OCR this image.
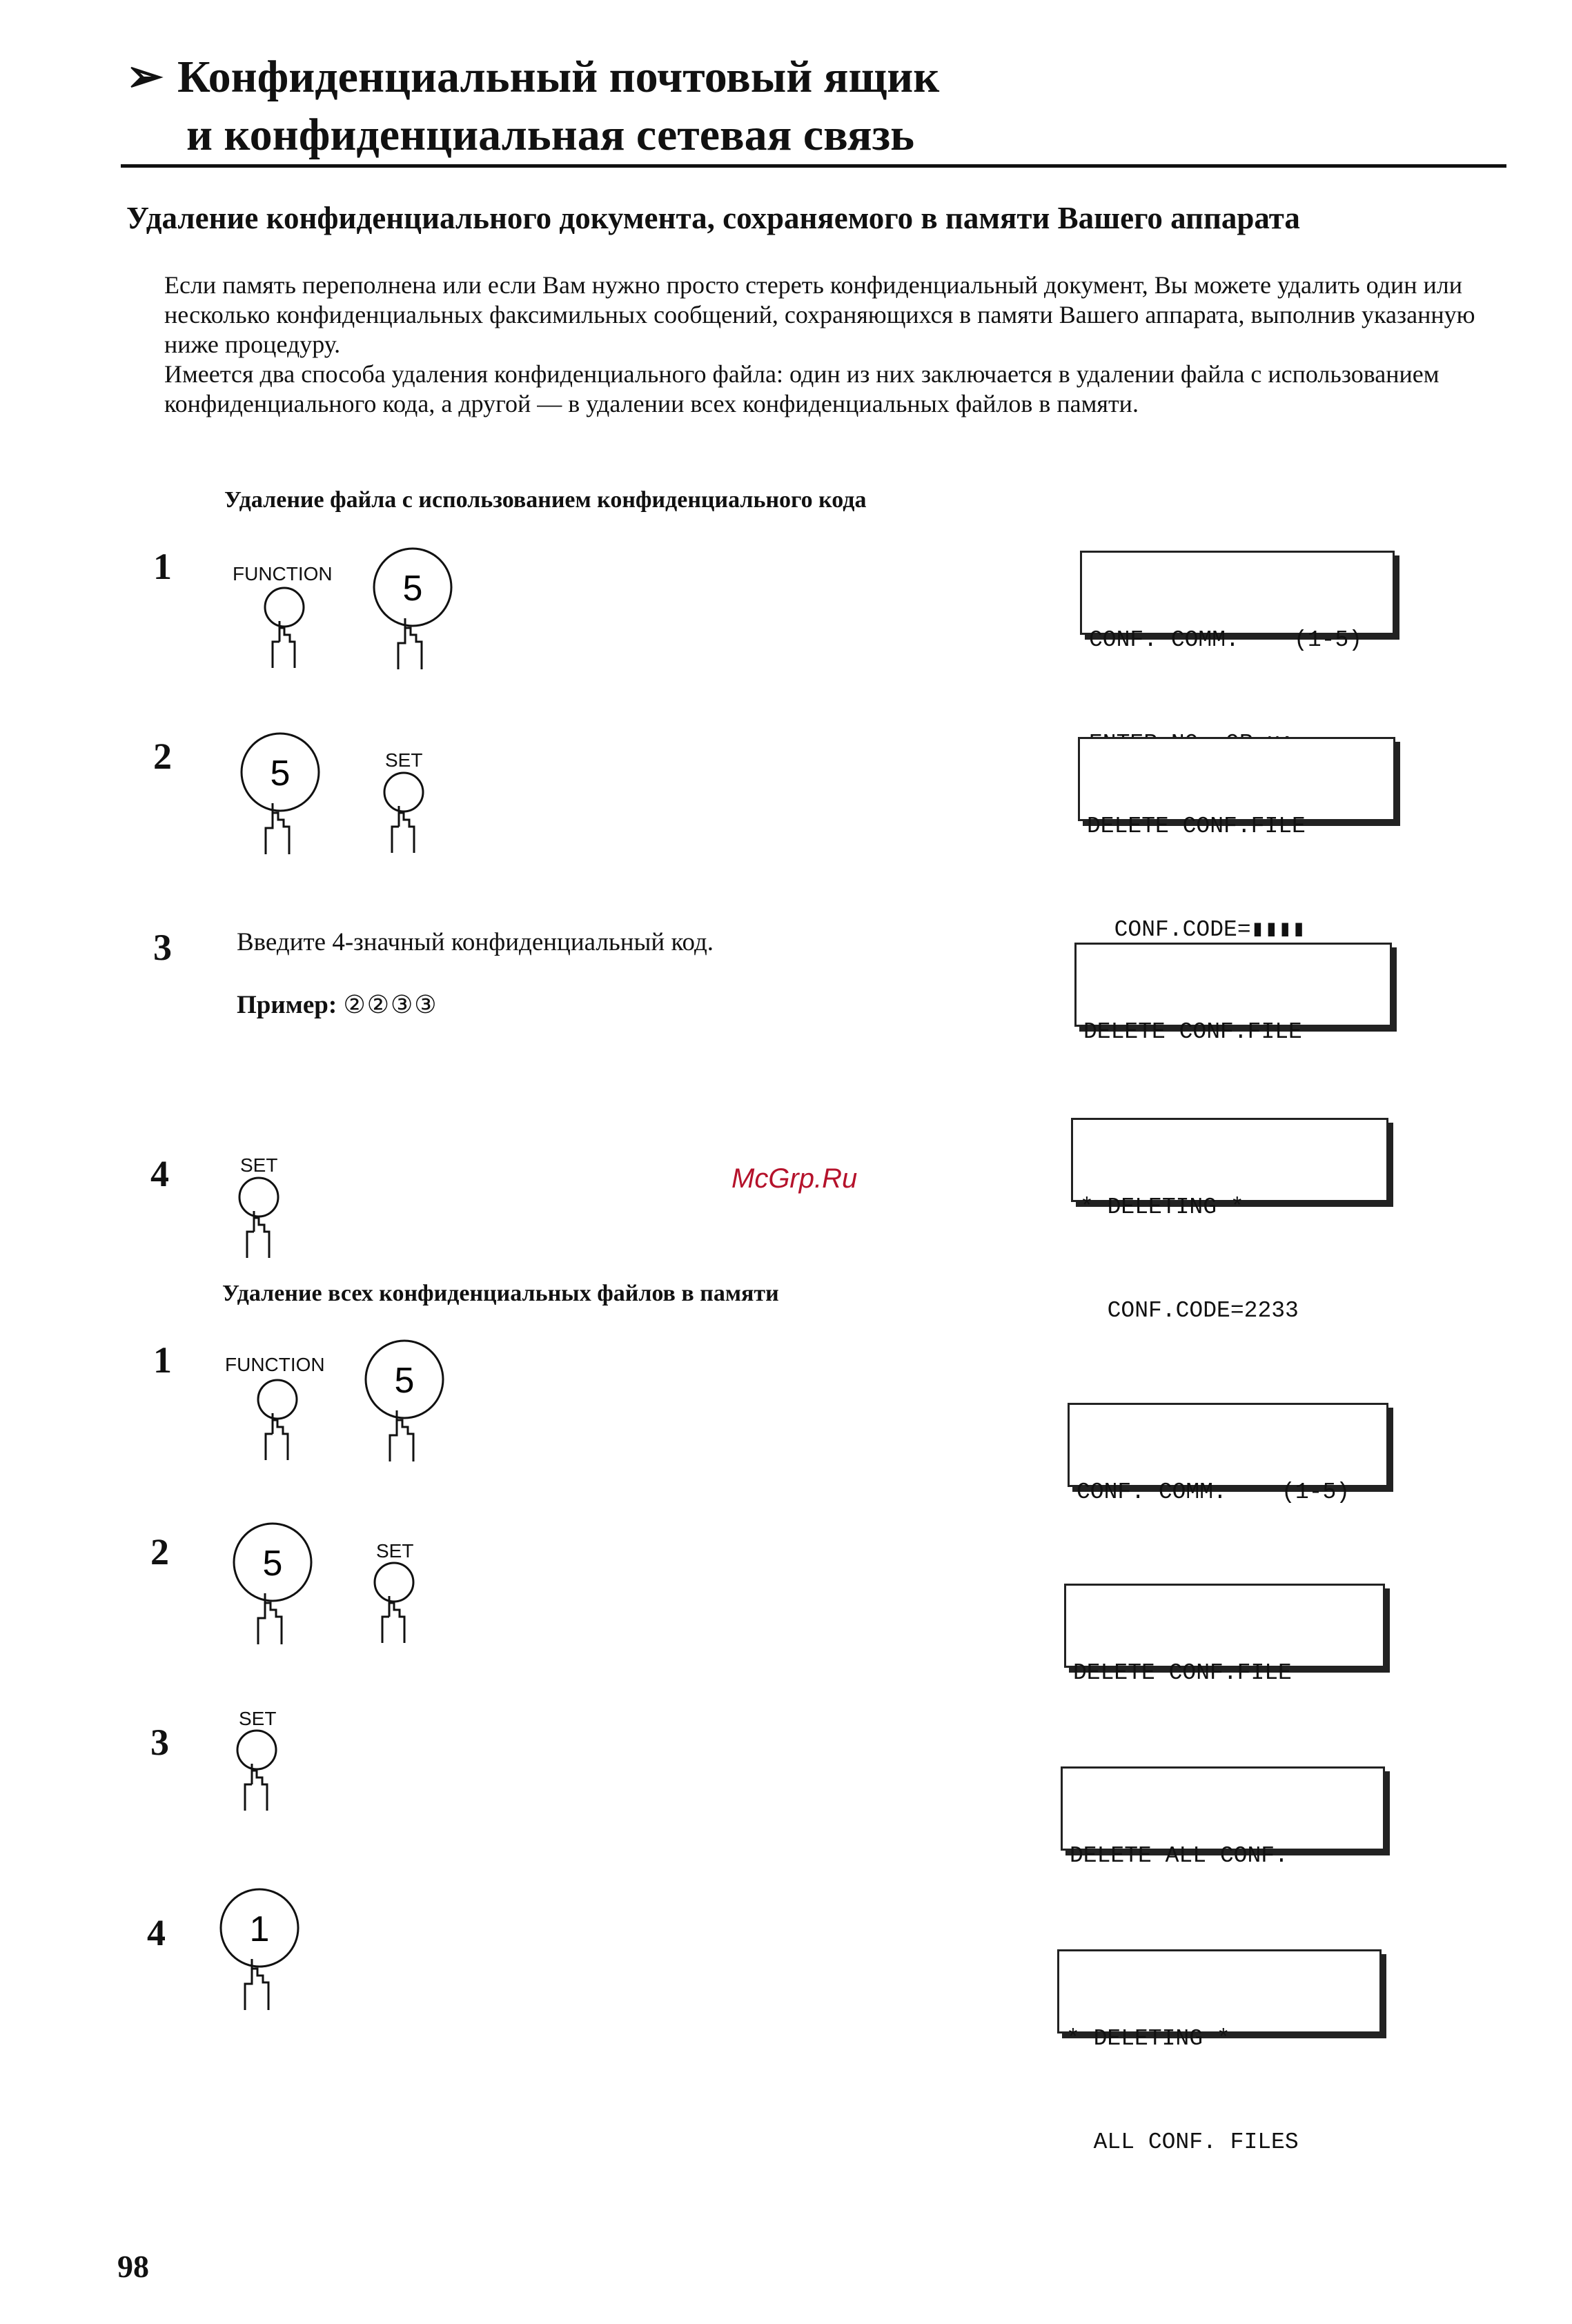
➢ Конфиденциальный почтовый ящик
и конфиденциальная сетевая связь
Удаление конфиденциального документа, сохраняемого в памяти Вашего аппарата

Если память переполнена или если Вам нужно просто стереть конфиденциальный документ, Вы можете удалить один или несколько конфиденциальных факсимильных сообщений, сохраняющихся в памяти Вашего аппарата, выполнив указанную ниже процедуру.

Имеется два способа удаления конфиденциального файла: один из них заключается в удалении файла с использованием конфиденциального кода, а другой — в удалении всех конфиденциальных файлов в памяти.

Удаление файла с использованием конфиденциального кода
1	FUNCTION 5

CONF. COMM.    (1-5)

2	5	SET

DELETE CONF.FILE

CONF.CODE=▮▮▮▮

3	Введите 4-значный конфиденциальный код.
Пример: ②②③③

DELETE CONF.FILE

4	SET	McGrp.Ru

* DELETING *

CONF.CODE=2233

Удаление всех конфиденциальных файлов в памяти
1	FUNCTION 5

CONF. COMM.    (1-5)

2	5	SET

DELETE CONF.FILE

3
SET

DELETE ALL CONF.

4 1

* DELETING *

ALL CONF. FILES

98
